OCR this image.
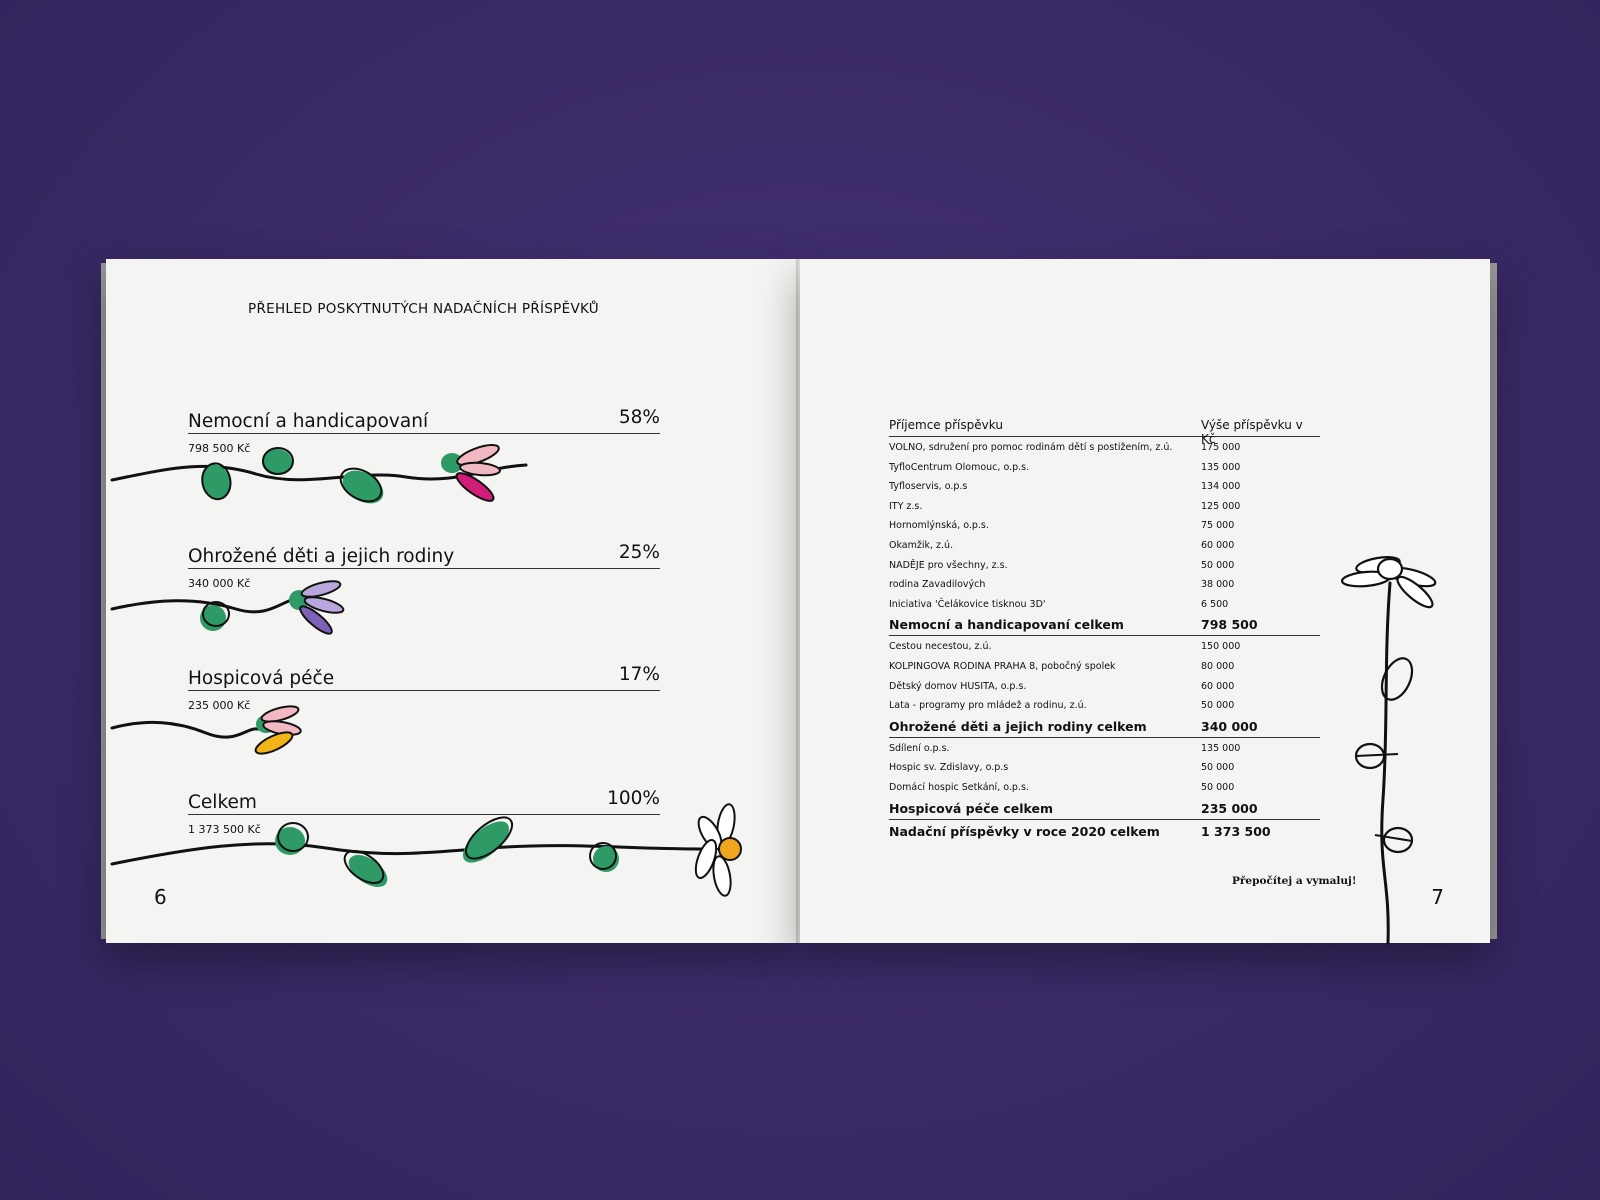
PŘEHLED POSKYTNUTÝCH NADAČNÍCH PŘÍSPĚVKŮ
Nemocní a handicapovaní	58%
798 500 Kč
Ohrožené děti a jejich rodiny	25%
340 000 Kč
Hospicová péče	17%
235 000 Kč
Celkem	100%
1 373 500 Kč
6
Příjemce příspěvku	Výše příspěvku v Kč
VOLNO, sdružení pro pomoc rodinám dětí s postižením, z.ú.	175 000
TyfloCentrum Olomouc, o.p.s.	135 000
Tyfloservis, o.p.s	134 000
ITY z.s.	125 000
Hornomlýnská, o.p.s.	75 000
Okamžik, z.ú.	60 000
NADĚJE pro všechny, z.s.	50 000
rodina Zavadilových	38 000
Iniciativa 'Čelákovice tisknou 3D'	6 500
Nemocní a handicapovaní celkem	798 500
Cestou necestou, z.ú.	150 000
KOLPINGOVA RODINA PRAHA 8, pobočný spolek	80 000
Dětský domov HUSITA, o.p.s.	60 000
Lata - programy pro mládež a rodinu, z.ú.	50 000
Ohrožené děti a jejich rodiny celkem	340 000
Sdílení o.p.s.	135 000
Hospic sv. Zdislavy, o.p.s	50 000
Domácí hospic Setkání, o.p.s.	50 000
Hospicová péče celkem	235 000
Nadační příspěvky v roce 2020 celkem	1 373 500
Přepočítej a vymaluj!
7
